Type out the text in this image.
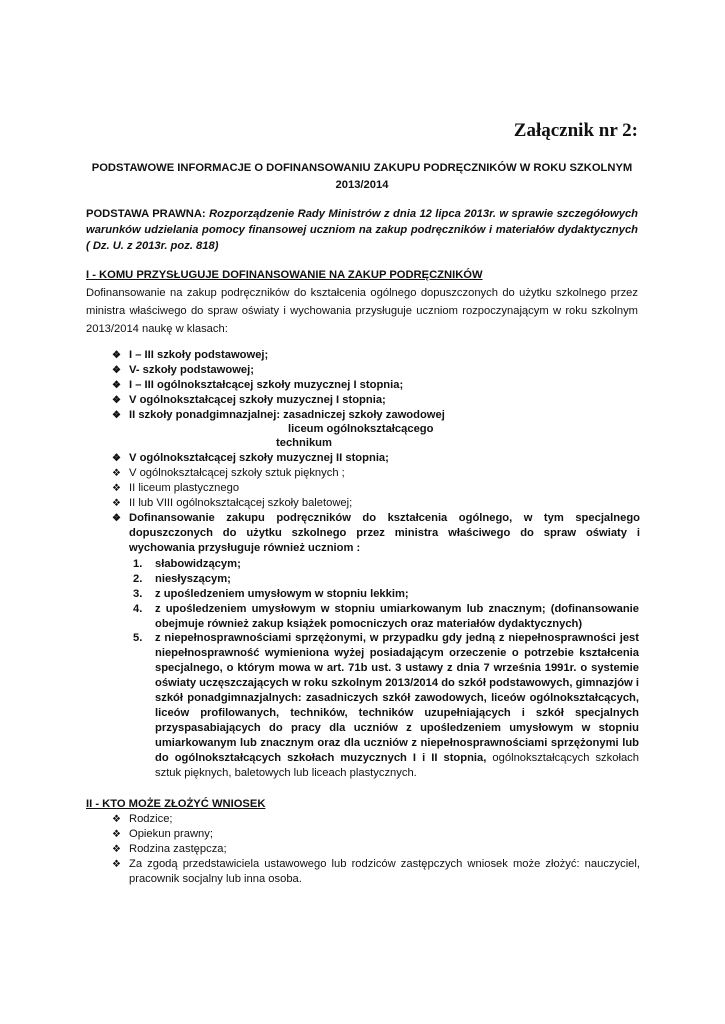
Załącznik nr 2:
PODSTAWOWE INFORMACJE O DOFINANSOWANIU ZAKUPU PODRĘCZNIKÓW W ROKU SZKOLNYM
2013/2014
PODSTAWA PRAWNA: Rozporządzenie Rady Ministrów z dnia 12 lipca 2013r. w sprawie szczegółowych warunków udzielania pomocy finansowej uczniom na zakup podręczników i materiałów dydaktycznych ( Dz. U. z 2013r. poz. 818)
I - KOMU PRZYSŁUGUJE DOFINANSOWANIE NA ZAKUP PODRĘCZNIKÓW
Dofinansowanie na zakup podręczników do kształcenia ogólnego dopuszczonych do użytku szkolnego przez ministra właściwego do spraw oświaty i wychowania przysługuje uczniom rozpoczynającym w roku szkolnym 2013/2014 naukę w klasach:
❖ I – III szkoły podstawowej;
❖ V- szkoły podstawowej;
❖ I – III ogólnokształcącej szkoły muzycznej I stopnia;
❖ V ogólnokształcącej szkoły muzycznej I stopnia;
❖ II szkoły ponadgimnazjalnej: zasadniczej szkoły zawodowej
liceum ogólnokształcącego
technikum
❖ V ogólnokształcącej szkoły muzycznej II stopnia;
❖ V ogólnokształcącej szkoły sztuk pięknych ;
❖ II liceum plastycznego
❖ II lub VIII ogólnokształcącej szkoły baletowej;
❖ Dofinansowanie zakupu podręczników do kształcenia ogólnego, w tym specjalnego dopuszczonych do użytku szkolnego przez ministra właściwego do spraw oświaty i wychowania przysługuje również uczniom :
1. słabowidzącym;
2. niesłyszącym;
3. z upośledzeniem umysłowym w stopniu lekkim;
4. z upośledzeniem umysłowym w stopniu umiarkowanym lub znacznym; (dofinansowanie obejmuje również zakup książek pomocniczych oraz materiałów dydaktycznych)
5. z niepełnosprawnościami sprzężonymi, w przypadku gdy jedną z niepełnosprawności jest niepełnosprawność wymieniona wyżej posiadającym orzeczenie o potrzebie kształcenia specjalnego, o którym mowa w art. 71b ust. 3 ustawy z dnia 7 września 1991r. o systemie oświaty uczęszczających w roku szkolnym 2013/2014 do szkół podstawowych, gimnazjów i szkół ponadgimnazjalnych: zasadniczych szkół zawodowych, liceów ogólnokształcących, liceów profilowanych, techników, techników uzupełniających i szkół specjalnych przyspasabiających do pracy dla uczniów z upośledzeniem umysłowym w stopniu umiarkowanym lub znacznym oraz dla uczniów z niepełnosprawnościami sprzężonymi lub do ogólnokształcących szkołach muzycznych I i II stopnia, ogólnokształcących szkołach sztuk pięknych, baletowych lub liceach plastycznych.
II - KTO MOŻE ZŁOŻYĆ WNIOSEK
❖ Rodzice;
❖ Opiekun prawny;
❖ Rodzina zastępcza;
❖ Za zgodą przedstawiciela ustawowego lub rodziców zastępczych wniosek może złożyć: nauczyciel, pracownik socjalny lub inna osoba.
